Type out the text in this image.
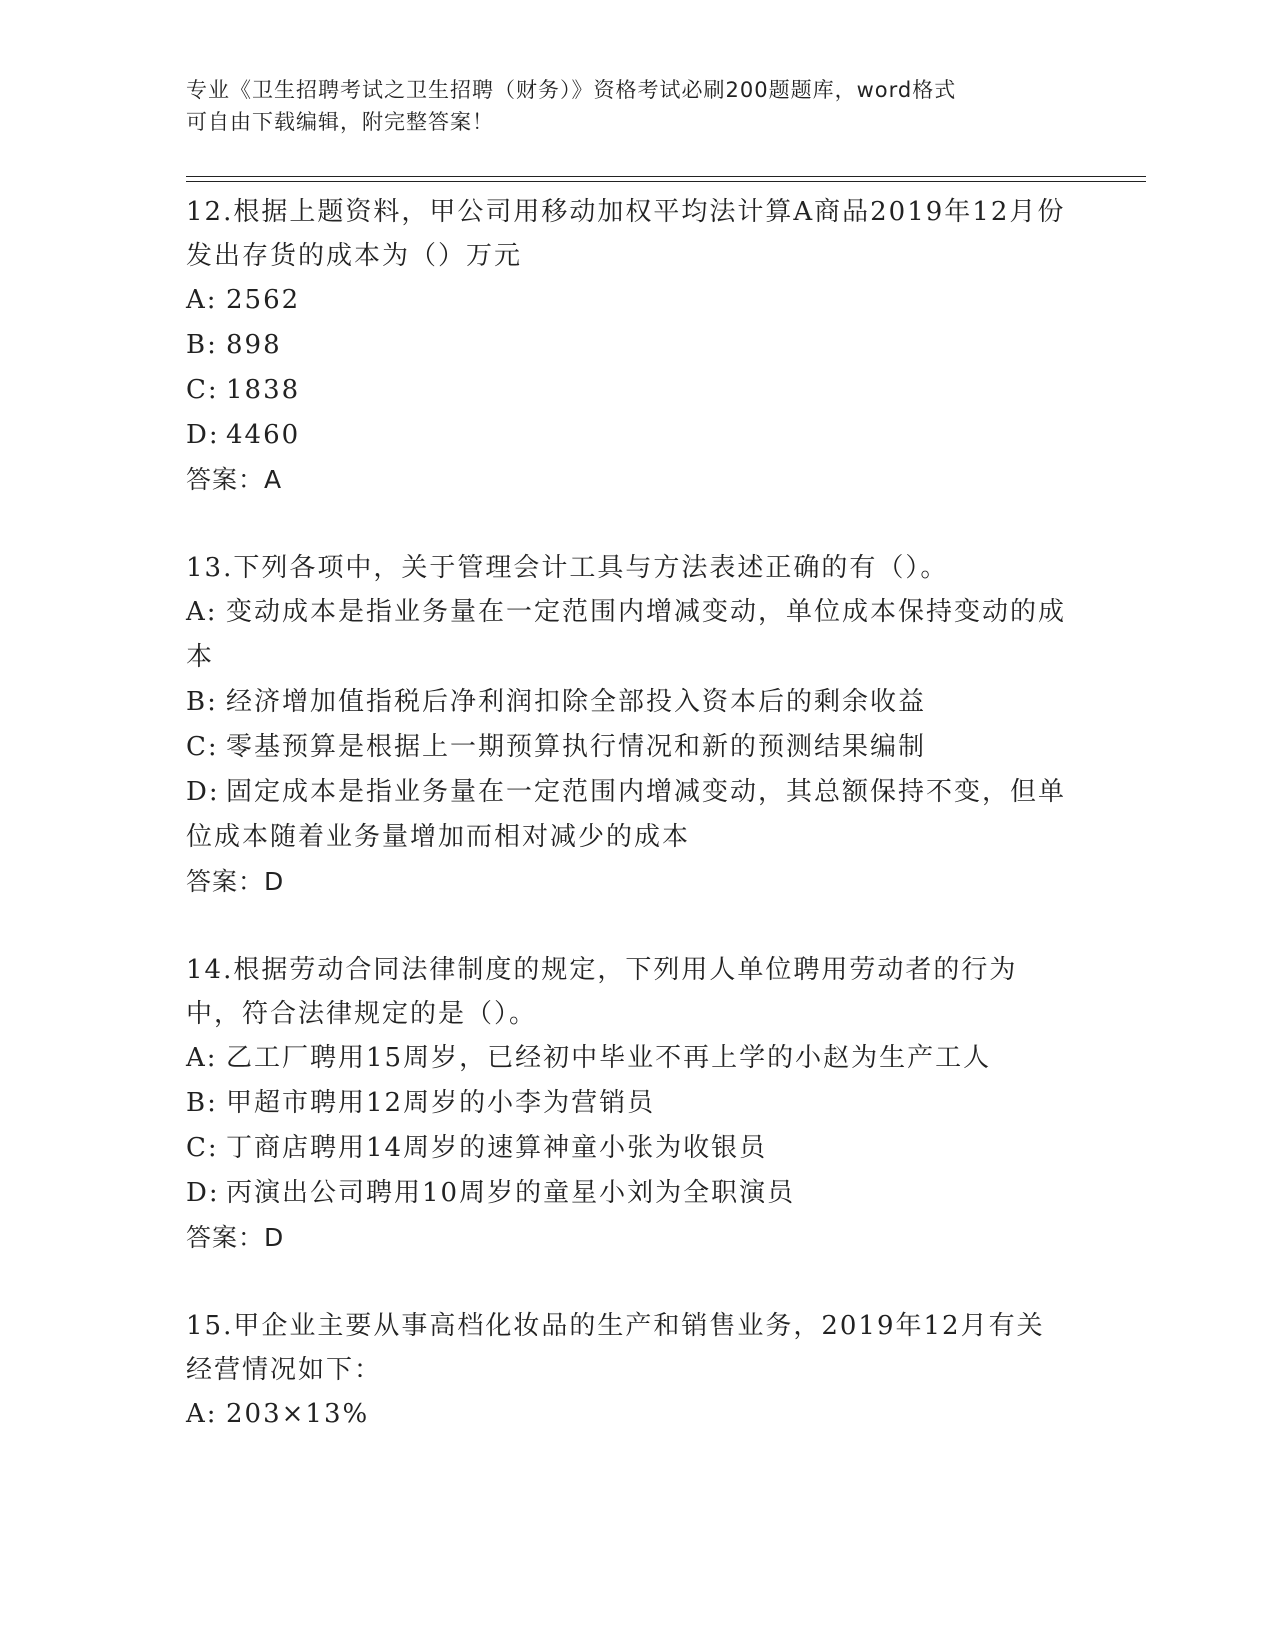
专业《卫生招聘考试之卫生招聘（财务）》资格考试必刷200题题库，word格式
可自由下载编辑，附完整答案！

12.根据上题资料，甲公司用移动加权平均法计算A商品2019年12月份发出存货的成本为（）万元

A: 2562

B: 898

C: 1838

D: 4460

答案：A

13.下列各项中，关于管理会计工具与方法表述正确的有（）。

A: 变动成本是指业务量在一定范围内增减变动，单位成本保持变动的成本

B: 经济增加值指税后净利润扣除全部投入资本后的剩余收益

C: 零基预算是根据上一期预算执行情况和新的预测结果编制

D: 固定成本是指业务量在一定范围内增减变动，其总额保持不变，但单位成本随着业务量增加而相对减少的成本

答案：D

14.根据劳动合同法律制度的规定，下列用人单位聘用劳动者的行为中，符合法律规定的是（）。

A: 乙工厂聘用15周岁，已经初中毕业不再上学的小赵为生产工人

B: 甲超市聘用12周岁的小李为营销员

C: 丁商店聘用14周岁的速算神童小张为收银员

D: 丙演出公司聘用10周岁的童星小刘为全职演员

答案：D

15.甲企业主要从事高档化妆品的生产和销售业务，2019年12月有关经营情况如下：

A: 203×13%
